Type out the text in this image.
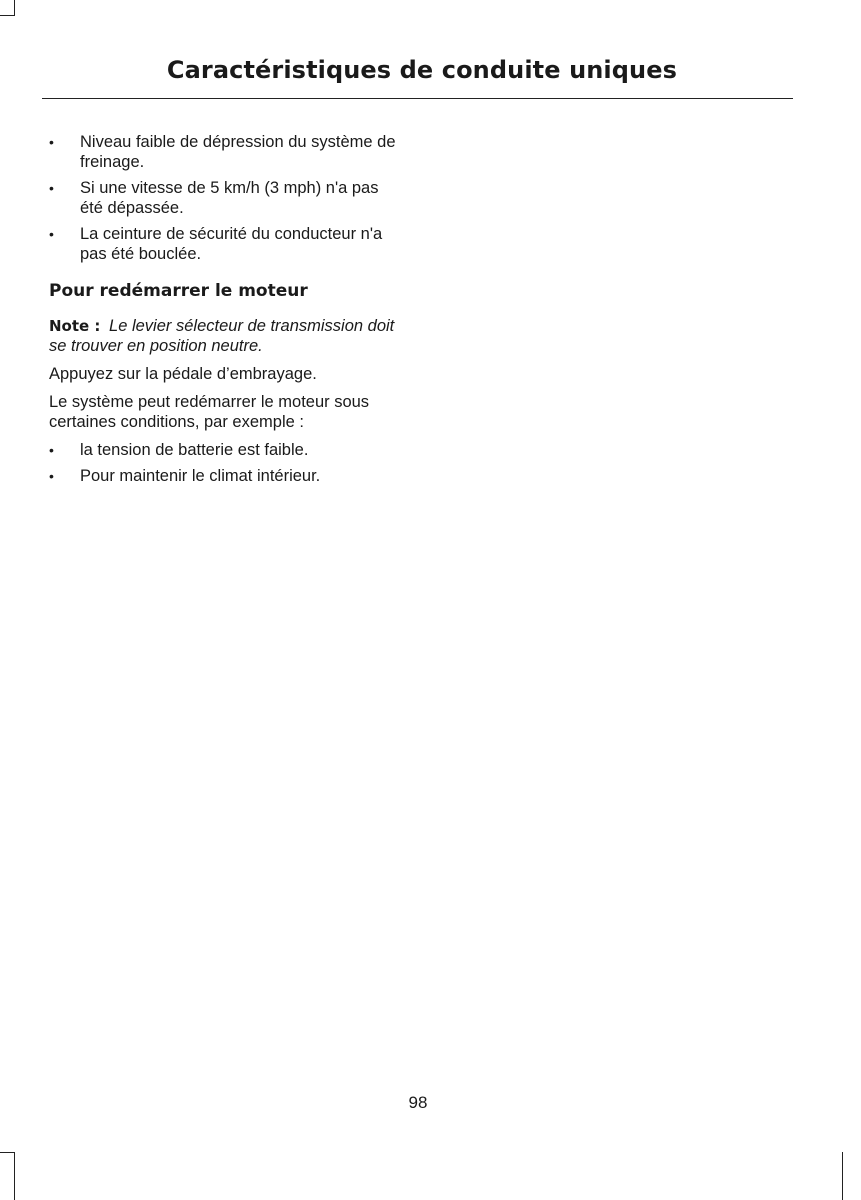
Caractéristiques de conduite uniques
• Niveau faible de dépression du système de freinage.
• Si une vitesse de 5 km/h (3 mph) n'a pas été dépassée.
• La ceinture de sécurité du conducteur n'a pas été bouclée.
Pour redémarrer le moteur

Note : Le levier sélecteur de transmission doit se trouver en position neutre.

Appuyez sur la pédale d’embrayage.

Le système peut redémarrer le moteur sous certaines conditions, par exemple :

• la tension de batterie est faible.
• Pour maintenir le climat intérieur.
98
